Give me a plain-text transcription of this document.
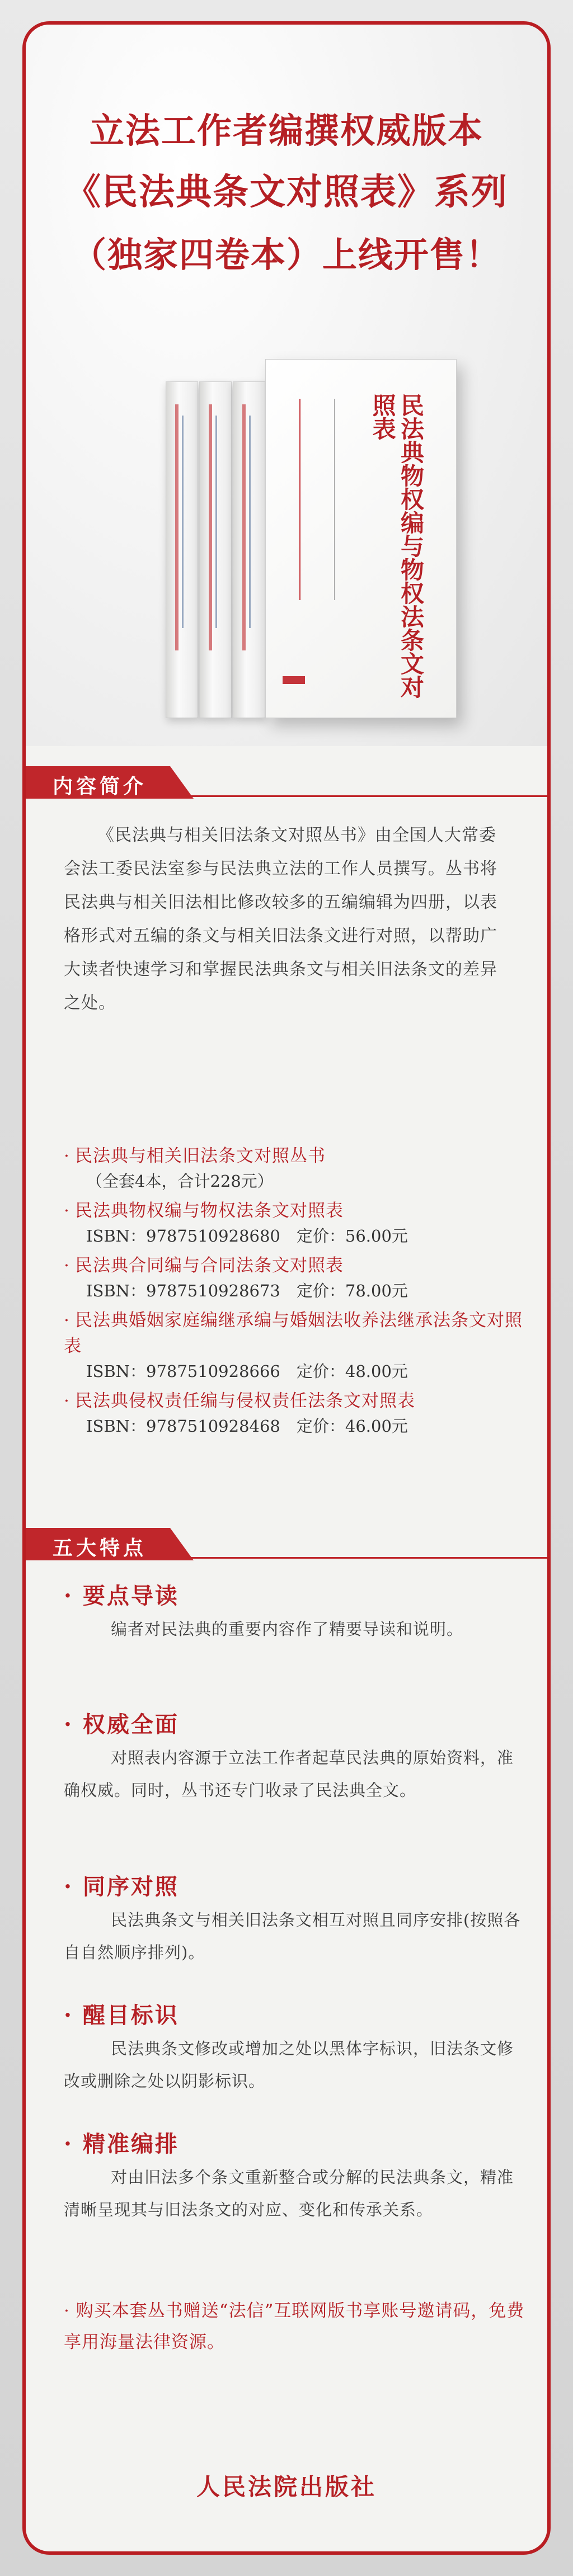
立法工作者编撰权威版本
《民法典条文对照表》系列
（独家四卷本）上线开售！
民法典物权编与物权法条文对照表
内容简介
《民法典与相关旧法条文对照丛书》由全国人大常委会法工委民法室参与民法典立法的工作人员撰写。丛书将民法典与相关旧法相比修改较多的五编编辑为四册，以表格形式对五编的条文与相关旧法条文进行对照，以帮助广大读者快速学习和掌握民法典条文与相关旧法条文的差异之处。
· 民法典与相关旧法条文对照丛书
（全套4本，合计228元）
· 民法典物权编与物权法条文对照表
ISBN：9787510928680　定价：56.00元
· 民法典合同编与合同法条文对照表
ISBN：9787510928673　定价：78.00元
· 民法典婚姻家庭编继承编与婚姻法收养法继承法条文对照表
ISBN：9787510928666　定价：48.00元
· 民法典侵权责任编与侵权责任法条文对照表
ISBN：9787510928468　定价：46.00元
五大特点
· 要点导读
编者对民法典的重要内容作了精要导读和说明。
· 权威全面
对照表内容源于立法工作者起草民法典的原始资料，准确权威。同时，丛书还专门收录了民法典全文。
· 同序对照
民法典条文与相关旧法条文相互对照且同序安排(按照各自自然顺序排列)。
· 醒目标识
民法典条文修改或增加之处以黑体字标识，旧法条文修改或删除之处以阴影标识。
· 精准编排
对由旧法多个条文重新整合或分解的民法典条文，精准清晰呈现其与旧法条文的对应、变化和传承关系。
· 购买本套丛书赠送“法信”互联网版书享账号邀请码，免费享用海量法律资源。
人民法院出版社
